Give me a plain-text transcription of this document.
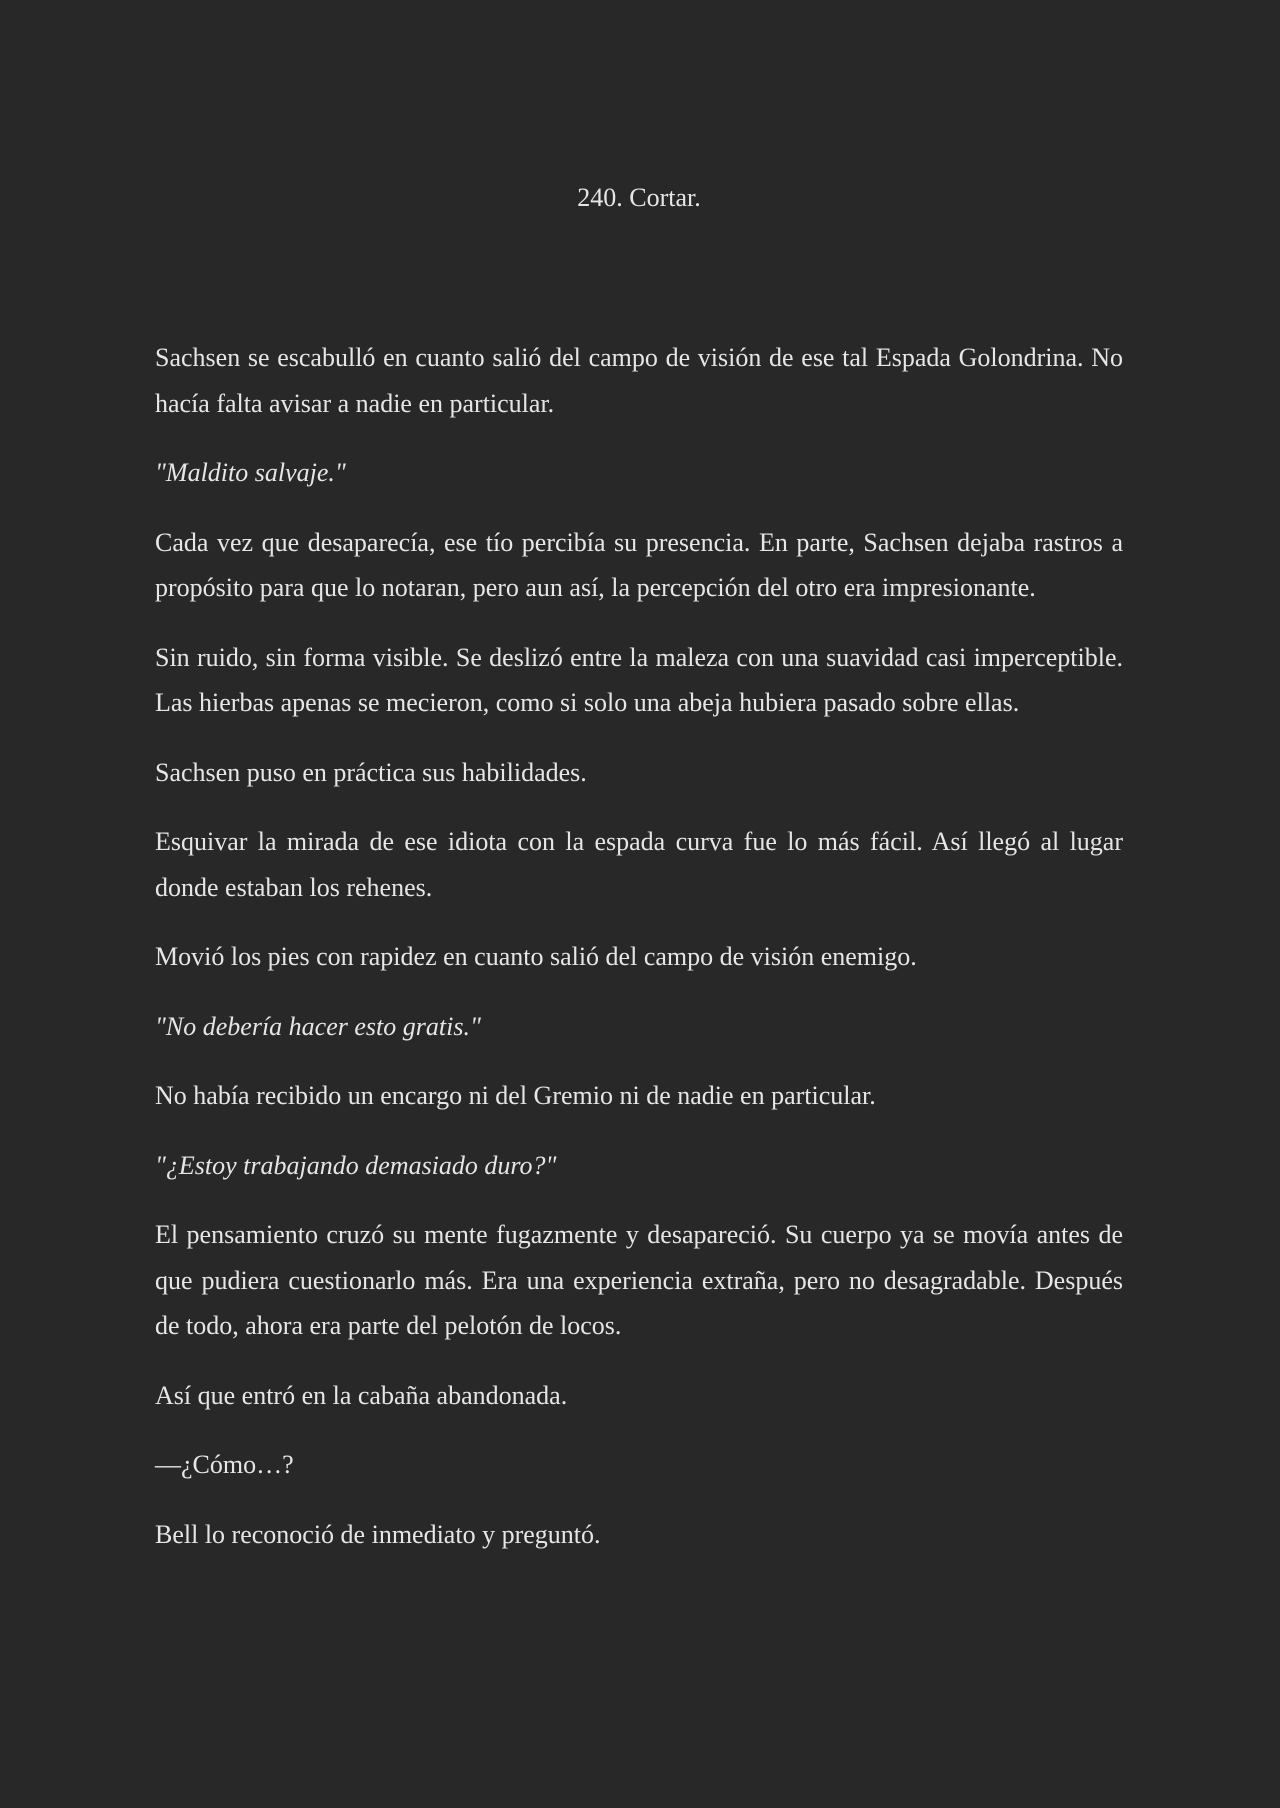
240. Cortar.

Sachsen se escabulló en cuanto salió del campo de visión de ese tal Espada Golondrina. No hacía falta avisar a nadie en particular.

"Maldito salvaje."

Cada vez que desaparecía, ese tío percibía su presencia. En parte, Sachsen dejaba rastros a propósito para que lo notaran, pero aun así, la percepción del otro era impresionante.

Sin ruido, sin forma visible. Se deslizó entre la maleza con una suavidad casi imperceptible. Las hierbas apenas se mecieron, como si solo una abeja hubiera pasado sobre ellas.

Sachsen puso en práctica sus habilidades.

Esquivar la mirada de ese idiota con la espada curva fue lo más fácil. Así llegó al lugar donde estaban los rehenes.

Movió los pies con rapidez en cuanto salió del campo de visión enemigo.

"No debería hacer esto gratis."

No había recibido un encargo ni del Gremio ni de nadie en particular.

"¿Estoy trabajando demasiado duro?"

El pensamiento cruzó su mente fugazmente y desapareció. Su cuerpo ya se movía antes de que pudiera cuestionarlo más. Era una experiencia extraña, pero no desagradable. Después de todo, ahora era parte del pelotón de locos.

Así que entró en la cabaña abandonada.

—¿Cómo…?

Bell lo reconoció de inmediato y preguntó.
